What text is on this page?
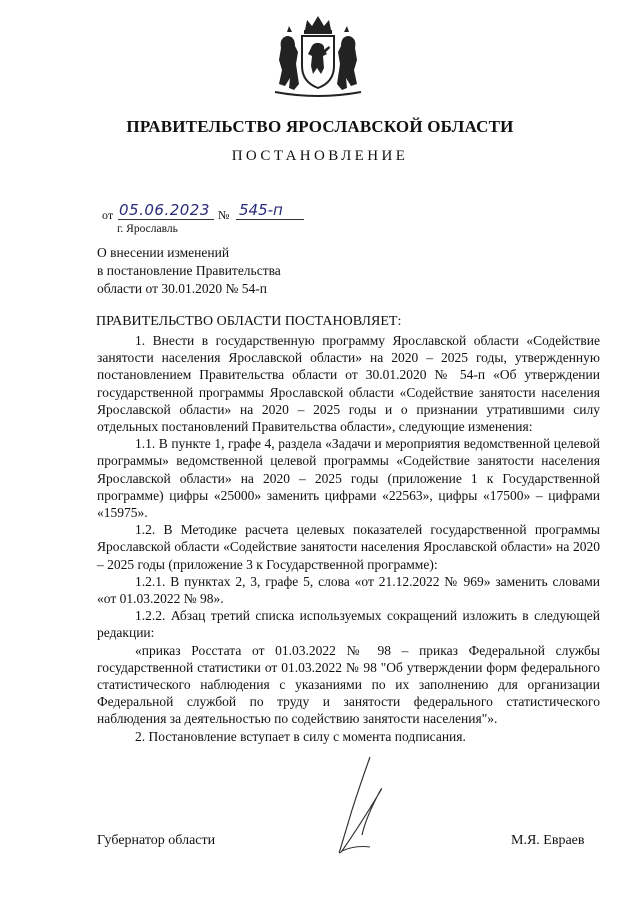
ПРАВИТЕЛЬСТВО ЯРОСЛАВСКОЙ ОБЛАСТИ
ПОСТАНОВЛЕНИЕ
от 05.06.2023 № 545-п
г. Ярославль
О внесении изменений
в постановление Правительства
области от 30.01.2020 № 54-п
ПРАВИТЕЛЬСТВО ОБЛАСТИ ПОСТАНОВЛЯЕТ:

1. Внести в государственную программу Ярославской области «Содействие занятости населения Ярославской области» на 2020 – 2025 годы, утвержденную постановлением Правительства области от 30.01.2020 № 54-п «Об утверждении государственной программы Ярославской области «Содействие занятости населения Ярославской области» на 2020 – 2025 годы и о признании утратившими силу отдельных постановлений Правительства области», следующие изменения:

1.1. В пункте 1, графе 4, раздела «Задачи и мероприятия ведомственной целевой программы» ведомственной целевой программы «Содействие занятости населения Ярославской области» на 2020 – 2025 годы (приложение 1 к Государственной программе) цифры «25000» заменить цифрами «22563», цифры «17500» – цифрами «15975».

1.2. В Методике расчета целевых показателей государственной программы Ярославской области «Содействие занятости населения Ярославской области» на 2020 – 2025 годы (приложение 3 к Государственной программе):

1.2.1. В пунктах 2, 3, графе 5, слова «от 21.12.2022 № 969» заменить словами «от 01.03.2022 № 98».

1.2.2. Абзац третий списка используемых сокращений изложить в следующей редакции:

«приказ Росстата от 01.03.2022 № 98 – приказ Федеральной службы государственной статистики от 01.03.2022 № 98 "Об утверждении форм федерального статистического наблюдения с указаниями по их заполнению для организации Федеральной службой по труду и занятости федерального статистического наблюдения за деятельностью по содействию занятости населения"».

2. Постановление вступает в силу с момента подписания.

Губернатор области	М.Я. Евраев
